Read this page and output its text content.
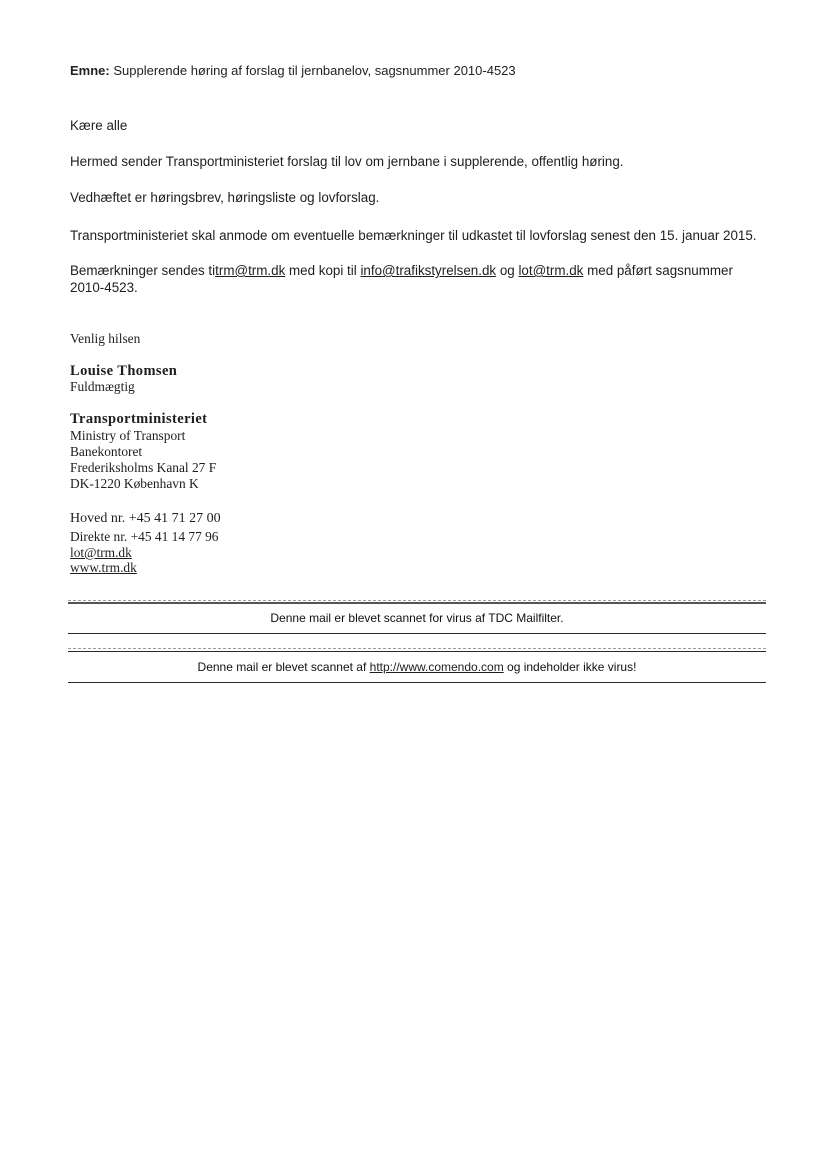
Emne: Supplerende høring af forslag til jernbanelov, sagsnummer 2010-4523
Kære alle
Hermed sender Transportministeriet forslag til lov om jernbane i supplerende, offentlig høring.
Vedhæftet er høringsbrev, høringsliste og lovforslag.
Transportministeriet skal anmode om eventuelle bemærkninger til udkastet til lovforslag senest den 15. januar 2015.
Bemærkninger sendes titrm@trm.dk med kopi til info@trafikstyrelsen.dk og lot@trm.dk med påført sagsnummer 2010-4523.
Venlig hilsen
Louise Thomsen
Fuldmægtig
Transportministeriet
Ministry of Transport
Banekontoret
Frederiksholms Kanal 27 F
DK-1220 København K
Hoved nr. +45 41 71 27 00
Direkte nr. +45 41 14 77 96
lot@trm.dk
www.trm.dk
Denne mail er blevet scannet for virus af TDC Mailfilter.
Denne mail er blevet scannet af http://www.comendo.com og indeholder ikke virus!
